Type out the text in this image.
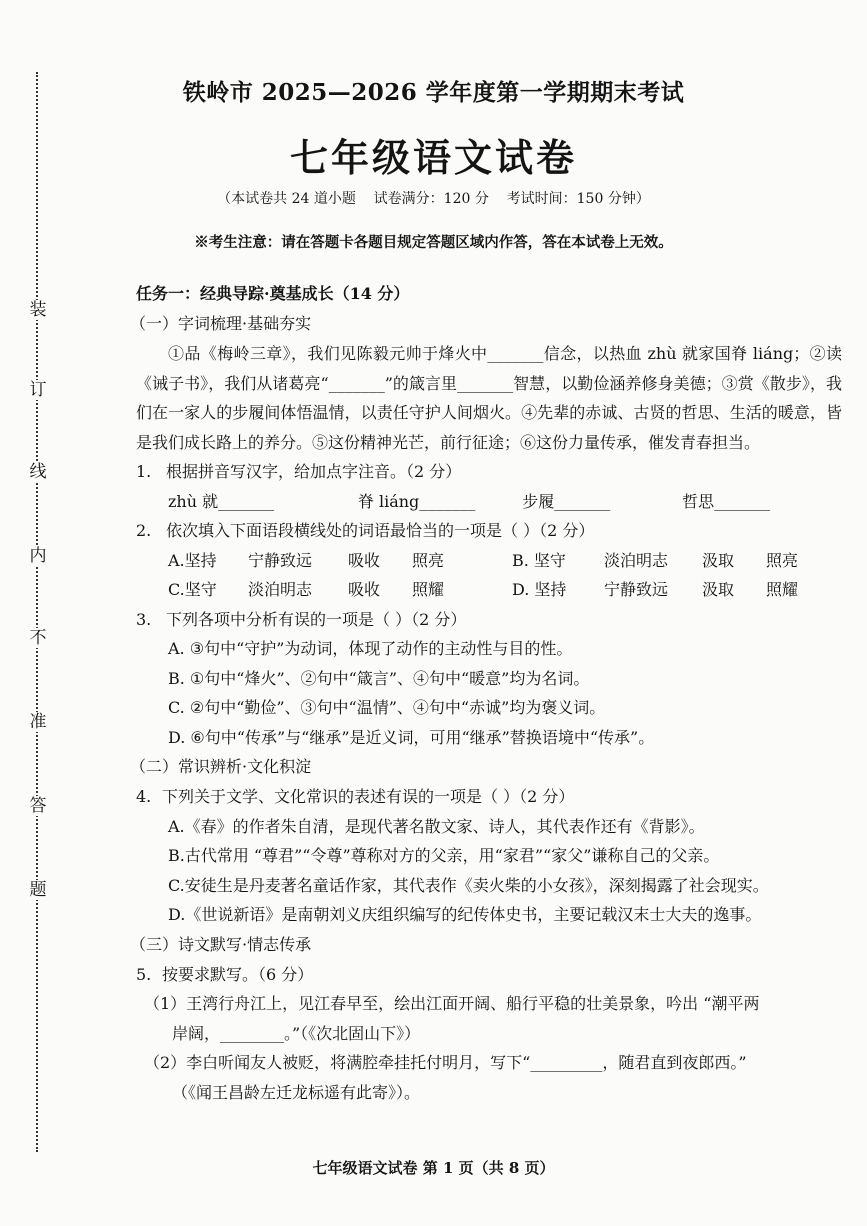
装
订
线
内
不
准
答
题
铁岭市 2025—2026 学年度第一学期期末考试
七年级语文试卷
（本试卷共 24 道小题    试卷满分：120 分    考试时间：150 分钟）
※考生注意：请在答题卡各题目规定答题区域内作答，答在本试卷上无效。
任务一：经典导踪·奠基成长（14 分）
（一）字词梳理·基础夯实
①品《梅岭三章》，我们见陈毅元帅于烽火中_______信念，以热血 zhù 就家国脊 liáng；②读《诫子书》，我们从诸葛亮“_______”的箴言里_______智慧，以勤俭涵养修身美德；③赏《散步》，我们在一家人的步履间体悟温情，以责任守护人间烟火。④先辈的赤诚、古贤的哲思、生活的暖意，皆是我们成长路上的养分。⑤这份精神光芒，前行征途；⑥这份力量传承，催发青春担当。
1. 根据拼音写汉字，给加点字注音。（2 分）
zhù 就_______	脊 liáng_______	步履_______	哲思_______
2. 依次填入下面语段横线处的词语最恰当的一项是（ ）（2 分）
A.坚持	宁静致远	吸收	照亮	B. 坚守	淡泊明志	汲取	照亮
C.坚守	淡泊明志	吸收	照耀	D. 坚持	宁静致远	汲取	照耀
3. 下列各项中分析有误的一项是（ ）（2 分）
A. ③句中“守护”为动词，体现了动作的主动性与目的性。
B. ①句中“烽火”、②句中“箴言”、④句中“暖意”均为名词。
C. ②句中“勤俭”、③句中“温情”、④句中“赤诚”均为褒义词。
D. ⑥句中“传承”与“继承”是近义词，可用“继承”替换语境中“传承”。
（二）常识辨析·文化积淀
4. 下列关于文学、文化常识的表述有误的一项是（ ）（2 分）
A.《春》的作者朱自清，是现代著名散文家、诗人，其代表作还有《背影》。
B.古代常用 “尊君”“令尊”尊称对方的父亲，用“家君”“家父”谦称自己的父亲。
C.安徒生是丹麦著名童话作家，其代表作《卖火柴的小女孩》，深刻揭露了社会现实。
D.《世说新语》是南朝刘义庆组织编写的纪传体史书，主要记载汉末士大夫的逸事。
（三）诗文默写·情志传承
5. 按要求默写。（6 分）
（1）王湾行舟江上，见江春早至，绘出江面开阔、船行平稳的壮美景象，吟出 “潮平两
岸阔，________。”（《次北固山下》）
（2）李白听闻友人被贬，将满腔牵挂托付明月，写下“_________，随君直到夜郎西。”
（《闻王昌龄左迁龙标遥有此寄》）。
七年级语文试卷 第 1 页（共 8 页）
